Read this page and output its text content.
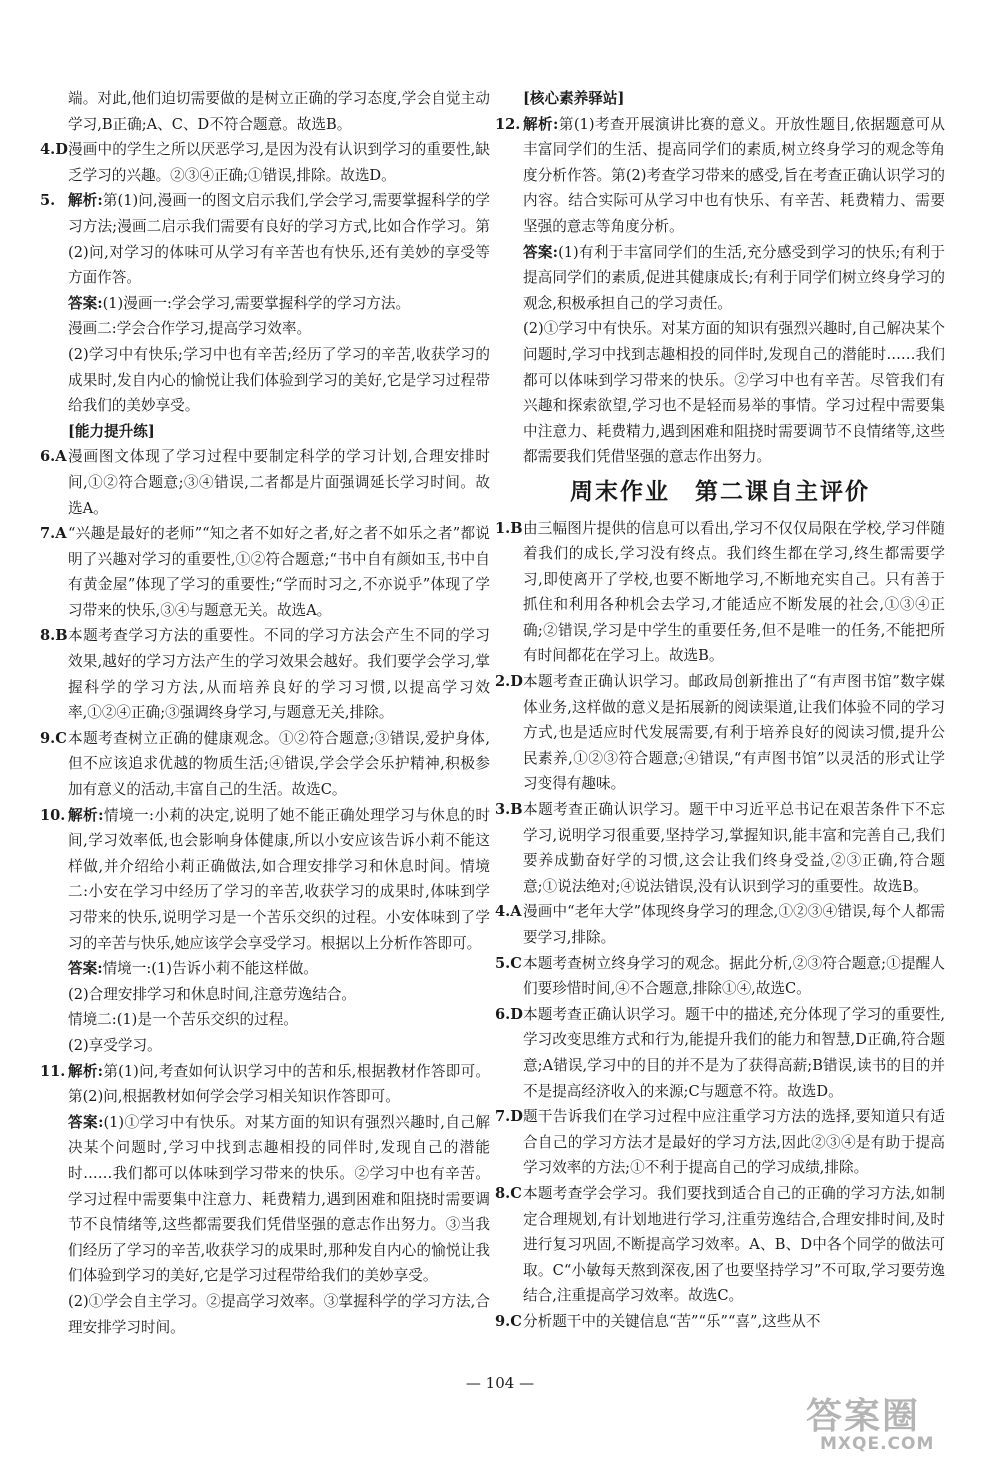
端。对此,他们迫切需要做的是树立正确的学习态度,学会自觉主动学习,B正确;A、C、D不符合题意。故选B。

4.D 漫画中的学生之所以厌恶学习,是因为没有认识到学习的重要性,缺乏学习的兴趣。②③④正确;①错误,排除。故选D。

5. 解析:第(1)问,漫画一的图文启示我们,学会学习,需要掌握科学的学习方法;漫画二启示我们需要有良好的学习方式,比如合作学习。第(2)问,对学习的体味可从学习有辛苦也有快乐,还有美妙的享受等方面作答。

答案:(1)漫画一:学会学习,需要掌握科学的学习方法。

漫画二:学会合作学习,提高学习效率。

(2)学习中有快乐;学习中也有辛苦;经历了学习的辛苦,收获学习的成果时,发自内心的愉悦让我们体验到学习的美好,它是学习过程带给我们的美妙享受。

[能力提升练]

6.A 漫画图文体现了学习过程中要制定科学的学习计划,合理安排时间,①②符合题意;③④错误,二者都是片面强调延长学习时间。故选A。

7.A “兴趣是最好的老师”“知之者不如好之者,好之者不如乐之者”都说明了兴趣对学习的重要性,①②符合题意;“书中自有颜如玉,书中自有黄金屋”体现了学习的重要性;“学而时习之,不亦说乎”体现了学习带来的快乐,③④与题意无关。故选A。

8.B 本题考查学习方法的重要性。不同的学习方法会产生不同的学习效果,越好的学习方法产生的学习效果会越好。我们要学会学习,掌握科学的学习方法,从而培养良好的学习习惯,以提高学习效率,①②④正确;③强调终身学习,与题意无关,排除。

9.C 本题考查树立正确的健康观念。①②符合题意;③错误,爱护身体,但不应该追求优越的物质生活;④错误,学会学会乐护精神,积极参加有意义的活动,丰富自己的生活。故选C。

10. 解析:情境一:小莉的决定,说明了她不能正确处理学习与休息的时间,学习效率低,也会影响身体健康,所以小安应该告诉小莉不能这样做,并介绍给小莉正确做法,如合理安排学习和休息时间。情境二:小安在学习中经历了学习的辛苦,收获学习的成果时,体味到学习带来的快乐,说明学习是一个苦乐交织的过程。小安体味到了学习的辛苦与快乐,她应该学会享受学习。根据以上分析作答即可。

答案:情境一:(1)告诉小莉不能这样做。

(2)合理安排学习和休息时间,注意劳逸结合。

情境二:(1)是一个苦乐交织的过程。

(2)享受学习。

11. 解析:第(1)问,考查如何认识学习中的苦和乐,根据教材作答即可。第(2)问,根据教材如何学会学习相关知识作答即可。

答案:(1)①学习中有快乐。对某方面的知识有强烈兴趣时,自己解决某个问题时,学习中找到志趣相投的同伴时,发现自己的潜能时……我们都可以体味到学习带来的快乐。②学习中也有辛苦。学习过程中需要集中注意力、耗费精力,遇到困难和阻挠时需要调节不良情绪等,这些都需要我们凭借坚强的意志作出努力。③当我们经历了学习的辛苦,收获学习的成果时,那种发自内心的愉悦让我们体验到学习的美好,它是学习过程带给我们的美妙享受。

(2)①学会自主学习。②提高学习效率。③掌握科学的学习方法,合理安排学习时间。

[核心素养驿站]

12. 解析:第(1)考查开展演讲比赛的意义。开放性题目,依据题意可从丰富同学们的生活、提高同学们的素质,树立终身学习的观念等角度分析作答。第(2)考查学习带来的感受,旨在考查正确认识学习的内容。结合实际可从学习中也有快乐、有辛苦、耗费精力、需要坚强的意志等角度分析。

答案:(1)有利于丰富同学们的生活,充分感受到学习的快乐;有利于提高同学们的素质,促进其健康成长;有利于同学们树立终身学习的观念,积极承担自己的学习责任。

(2)①学习中有快乐。对某方面的知识有强烈兴趣时,自己解决某个问题时,学习中找到志趣相投的同伴时,发现自己的潜能时……我们都可以体味到学习带来的快乐。②学习中也有辛苦。尽管我们有兴趣和探索欲望,学习也不是轻而易举的事情。学习过程中需要集中注意力、耗费精力,遇到困难和阻挠时需要调节不良情绪等,这些都需要我们凭借坚强的意志作出努力。

周末作业　第二课自主评价
1.B 由三幅图片提供的信息可以看出,学习不仅仅局限在学校,学习伴随着我们的成长,学习没有终点。我们终生都在学习,终生都需要学习,即使离开了学校,也要不断地学习,不断地充实自己。只有善于抓住和利用各种机会去学习,才能适应不断发展的社会,①③④正确;②错误,学习是中学生的重要任务,但不是唯一的任务,不能把所有时间都花在学习上。故选B。

2.D 本题考查正确认识学习。邮政局创新推出了“有声图书馆”数字媒体业务,这样做的意义是拓展新的阅读渠道,让我们体验不同的学习方式,也是适应时代发展需要,有利于培养良好的阅读习惯,提升公民素养,①②③符合题意;④错误,“有声图书馆”以灵活的形式让学习变得有趣味。

3.B 本题考查正确认识学习。题干中习近平总书记在艰苦条件下不忘学习,说明学习很重要,坚持学习,掌握知识,能丰富和完善自己,我们要养成勤奋好学的习惯,这会让我们终身受益,②③正确,符合题意;①说法绝对;④说法错误,没有认识到学习的重要性。故选B。

4.A 漫画中“老年大学”体现终身学习的理念,①②③④错误,每个人都需要学习,排除。

5.C 本题考查树立终身学习的观念。据此分析,②③符合题意;①提醒人们要珍惜时间,④不合题意,排除①④,故选C。

6.D 本题考查正确认识学习。题干中的描述,充分体现了学习的重要性,学习改变思维方式和行为,能提升我们的能力和智慧,D正确,符合题意;A错误,学习中的目的并不是为了获得高薪;B错误,读书的目的并不是提高经济收入的来源;C与题意不符。故选D。

7.D 题干告诉我们在学习过程中应注重学习方法的选择,要知道只有适合自己的学习方法才是最好的学习方法,因此②③④是有助于提高学习效率的方法;①不利于提高自己的学习成绩,排除。

8.C 本题考查学会学习。我们要找到适合自己的正确的学习方法,如制定合理规划,有计划地进行学习,注重劳逸结合,合理安排时间,及时进行复习巩固,不断提高学习效率。A、B、D中各个同学的做法可取。C“小敏每天熬到深夜,困了也要坚持学习”不可取,学习要劳逸结合,注重提高学习效率。故选C。

9.C 分析题干中的关键信息“苦”“乐”“喜”,这些从不

— 104 —
答案圈
MXQE.COM
